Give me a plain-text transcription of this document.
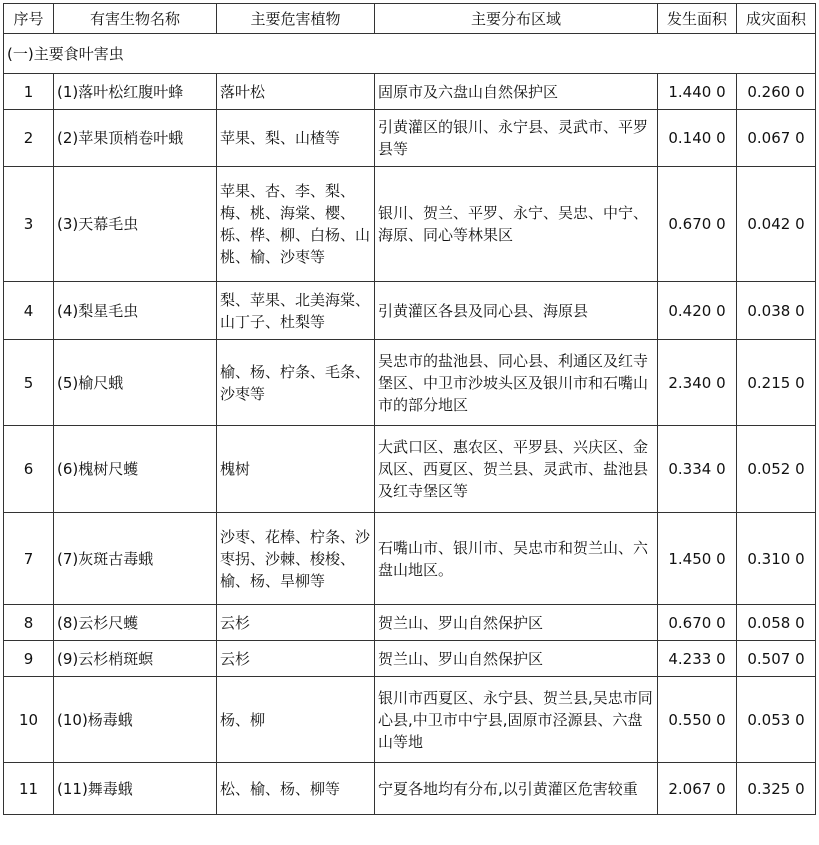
序号	有害生物名称	主要危害植物	主要分布区域	发生面积	成灾面积
(一)主要食叶害虫					
1	(1)落叶松红腹叶蜂	落叶松	固原市及六盘山自然保护区	1.440 0	0.260 0
2	(2)苹果顶梢卷叶蛾	苹果、梨、山楂等	引黄灌区的银川、永宁县、灵武市、平罗县等	0.140 0	0.067 0
3	(3)天幕毛虫	苹果、杏、李、梨、梅、桃、海棠、樱、栎、桦、柳、白杨、山桃、榆、沙枣等	银川、贺兰、平罗、永宁、吴忠、中宁、海原、同心等林果区	0.670 0	0.042 0
4	(4)梨星毛虫	梨、苹果、北美海棠、山丁子、杜梨等	引黄灌区各县及同心县、海原县	0.420 0	0.038 0
5	(5)榆尺蛾	榆、杨、柠条、毛条、沙枣等	吴忠市的盐池县、同心县、利通区及红寺堡区、中卫市沙坡头区及银川市和石嘴山市的部分地区	2.340 0	0.215 0
6	(6)槐树尺蠖	槐树	大武口区、惠农区、平罗县、兴庆区、金凤区、西夏区、贺兰县、灵武市、盐池县及红寺堡区等	0.334 0	0.052 0
7	(7)灰斑古毒蛾	沙枣、花棒、柠条、沙枣拐、沙棘、梭梭、榆、杨、旱柳等	石嘴山市、银川市、吴忠市和贺兰山、六盘山地区。	1.450 0	0.310 0
8	(8)云杉尺蠖	云杉	贺兰山、罗山自然保护区	0.670 0	0.058 0
9	(9)云杉梢斑螟	云杉	贺兰山、罗山自然保护区	4.233 0	0.507 0
10	(10)杨毒蛾	杨、柳	银川市西夏区、永宁县、贺兰县,吴忠市同心县,中卫市中宁县,固原市泾源县、六盘山等地	0.550 0	0.053 0
11	(11)舞毒蛾	松、榆、杨、柳等	宁夏各地均有分布,以引黄灌区危害较重	2.067 0	0.325 0
